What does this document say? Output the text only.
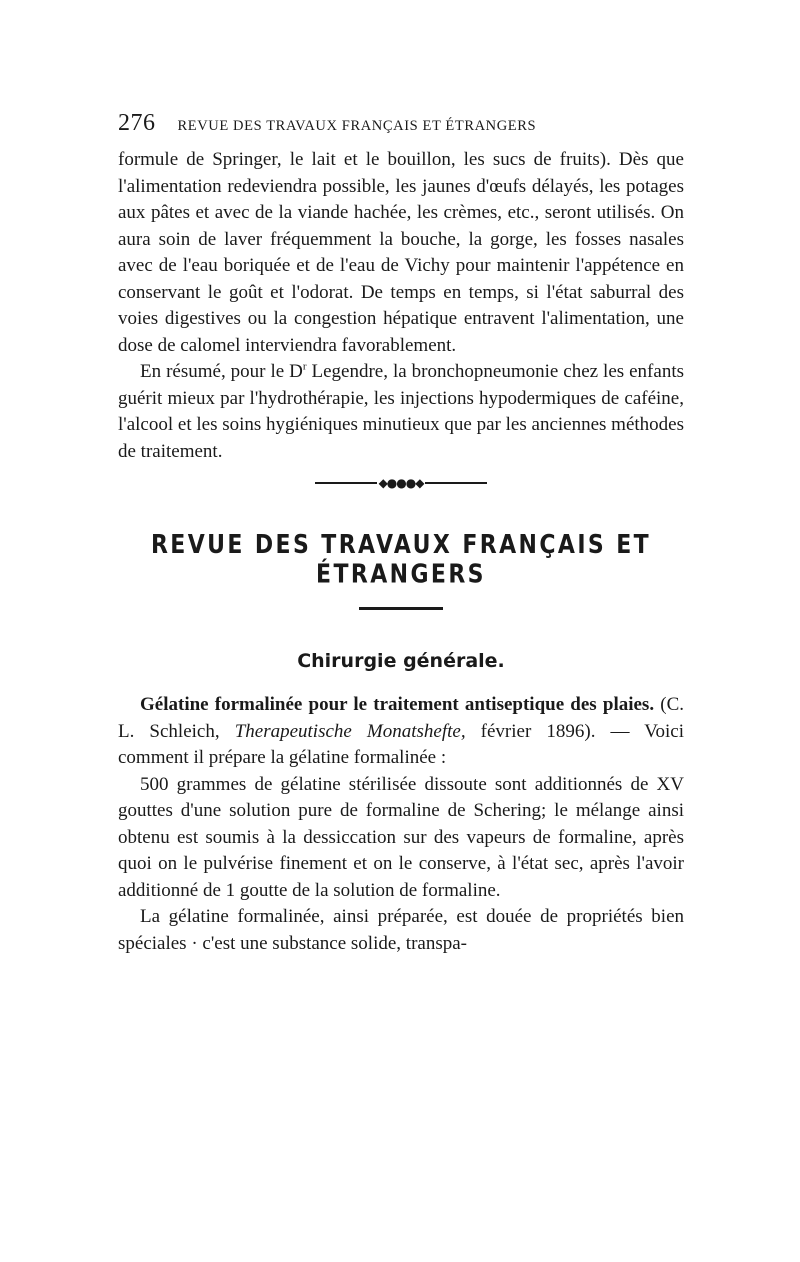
276 REVUE DES TRAVAUX FRANÇAIS ET ÉTRANGERS

formule de Springer, le lait et le bouillon, les sucs de fruits). Dès que l'alimentation redeviendra possible, les jaunes d'œufs délayés, les potages aux pâtes et avec de la viande hachée, les crèmes, etc., seront utilisés. On aura soin de laver fréquemment la bouche, la gorge, les fosses nasales avec de l'eau boriquée et de l'eau de Vichy pour maintenir l'appétence en conservant le goût et l'odorat. De temps en temps, si l'état saburral des voies digestives ou la congestion hépatique entravent l'alimentation, une dose de calomel interviendra favorablement.

En résumé, pour le $D^r$ Legendre, la bronchopneumonie chez les enfants guérit mieux par l'hydrothérapie, les injections hypodermiques de caféine, l'alcool et les soins hygiéniques minutieux que par les anciennes méthodes de traitement.

◆●●●◆
REVUE DES TRAVAUX FRANÇAIS ET ÉTRANGERS
Chirurgie générale.

Gélatine formalinée pour le traitement antiseptique des plaies. (C. L. Schleich, Therapeutische Monatshefte, février 1896). — Voici comment il prépare la gélatine formalinée :

500 grammes de gélatine stérilisée dissoute sont additionnés de XV gouttes d'une solution pure de formaline de Schering; le mélange ainsi obtenu est soumis à la dessiccation sur des vapeurs de formaline, après quoi on le pulvérise finement et on le conserve, à l'état sec, après l'avoir additionné de 1 goutte de la solution de formaline.

La gélatine formalinée, ainsi préparée, est douée de propriétés bien spéciales · c'est une substance solide, transpa-
